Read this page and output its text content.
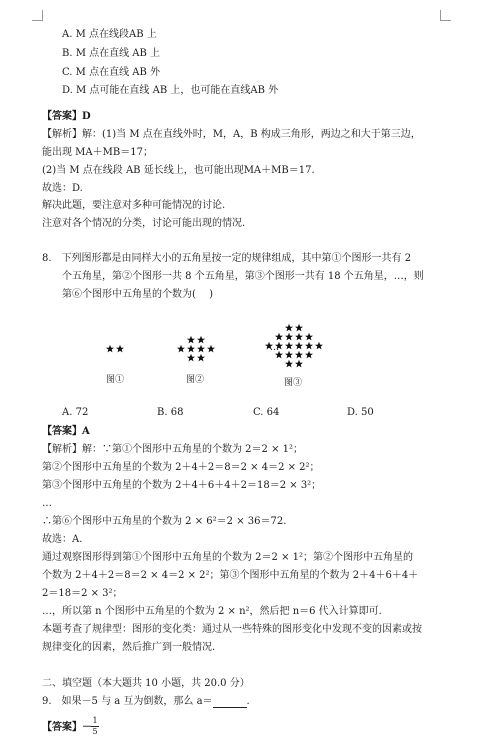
A. M 点在线段AB 上
B. M 点在直线 AB 上
C. M 点在直线 AB 外
D. M 点可能在直线 AB 上，也可能在直线AB 外
【答案】D
【解析】解：(1)当 M 点在直线外时，M，A，B 构成三角形，两边之和大于第三边，
能出现 MA＋MB＝17；
(2)当 M 点在线段 AB 延长线上，也可能出现MA＋MB＝17.
故选：D.
解决此题，要注意对多种可能情况的讨论.
注意对各个情况的分类，讨论可能出现的情况.
8.　下列图形都是由同样大小的五角星按一定的规律组成，其中第①个图形一共有 2
个五角星，第②个图形一共 8 个五角星，第③个图形一共有 18 个五角星，…，则
第⑥个图形中五角星的个数为(　 )
…
图①	图②	图③
A. 72	B. 68	C. 64	D. 50
【答案】A
【解析】解：∵第①个图形中五角星的个数为 2＝2 × 1²；
第②个图形中五角星的个数为 2＋4＋2＝8＝2 × 4＝2 × 2²；
第③个图形中五角星的个数为 2＋4＋6＋4＋2＝18＝2 × 3²；
…
∴第⑥个图形中五角星的个数为 2 × 6²＝2 × 36＝72.
故选：A.
通过观察图形得到第①个图形中五角星的个数为 2＝2 × 1²；第②个图形中五角星的
个数为 2＋4＋2＝8＝2 × 4＝2 × 2²；第③个图形中五角星的个数为 2＋4＋6＋4＋
2＝18＝2 × 3²；
…，所以第 n 个图形中五角星的个数为 2 × n²，然后把 n＝6 代入计算即可.
本题考查了规律型：图形的变化类：通过从一些特殊的图形变化中发现不变的因素或按
规律变化的因素，然后推广到一般情况.
二、填空题（本大题共 10 小题，共 20.0 分）
9.　如果－5 与 a 互为倒数，那么 a＝	.
【答案】－
1
5
